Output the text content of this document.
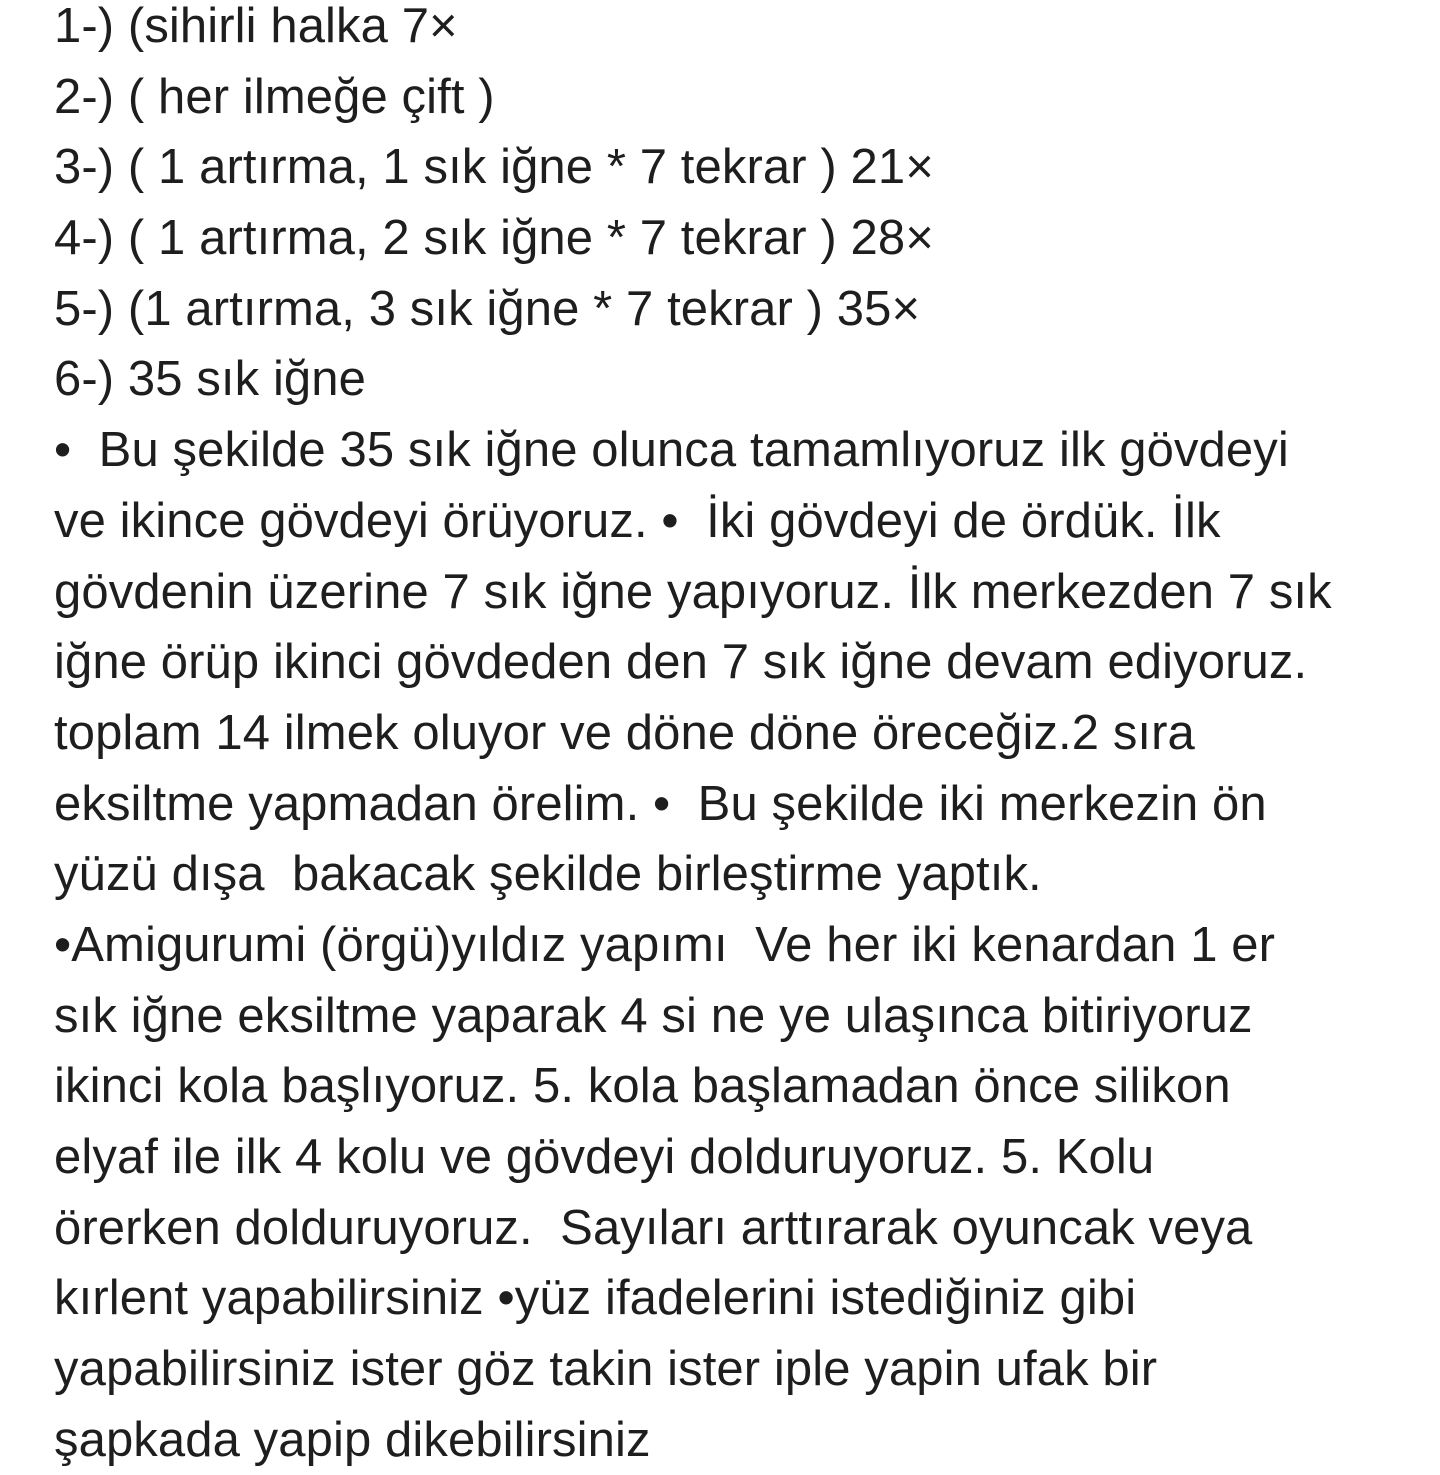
1-) (sihirli halka 7×
2-) ( her ilmeğe çift )
3-) ( 1 artırma, 1 sık iğne * 7 tekrar ) 21×
4-) ( 1 artırma, 2 sık iğne * 7 tekrar ) 28×
5-) (1 artırma, 3 sık iğne * 7 tekrar ) 35×
6-) 35 sık iğne
•  Bu şekilde 35 sık iğne olunca tamamlıyoruz ilk gövdeyi
ve ikince gövdeyi örüyoruz. •  İki gövdeyi de ördük. İlk
gövdenin üzerine 7 sık iğne yapıyoruz. İlk merkezden 7 sık
iğne örüp ikinci gövdeden den 7 sık iğne devam ediyoruz.
toplam 14 ilmek oluyor ve döne döne öreceğiz.2 sıra
eksiltme yapmadan örelim. •  Bu şekilde iki merkezin ön
yüzü dışa  bakacak şekilde birleştirme yaptık.
•Amigurumi (örgü)yıldız yapımı  Ve her iki kenardan 1 er
sık iğne eksiltme yaparak 4 si ne ye ulaşınca bitiriyoruz
ikinci kola başlıyoruz. 5. kola başlamadan önce silikon
elyaf ile ilk 4 kolu ve gövdeyi dolduruyoruz. 5. Kolu
örerken dolduruyoruz.  Sayıları arttırarak oyuncak veya
kırlent yapabilirsiniz •yüz ifadelerini istediğiniz gibi
yapabilirsiniz ister göz takin ister iple yapin ufak bir
şapkada yapip dikebilirsiniz
